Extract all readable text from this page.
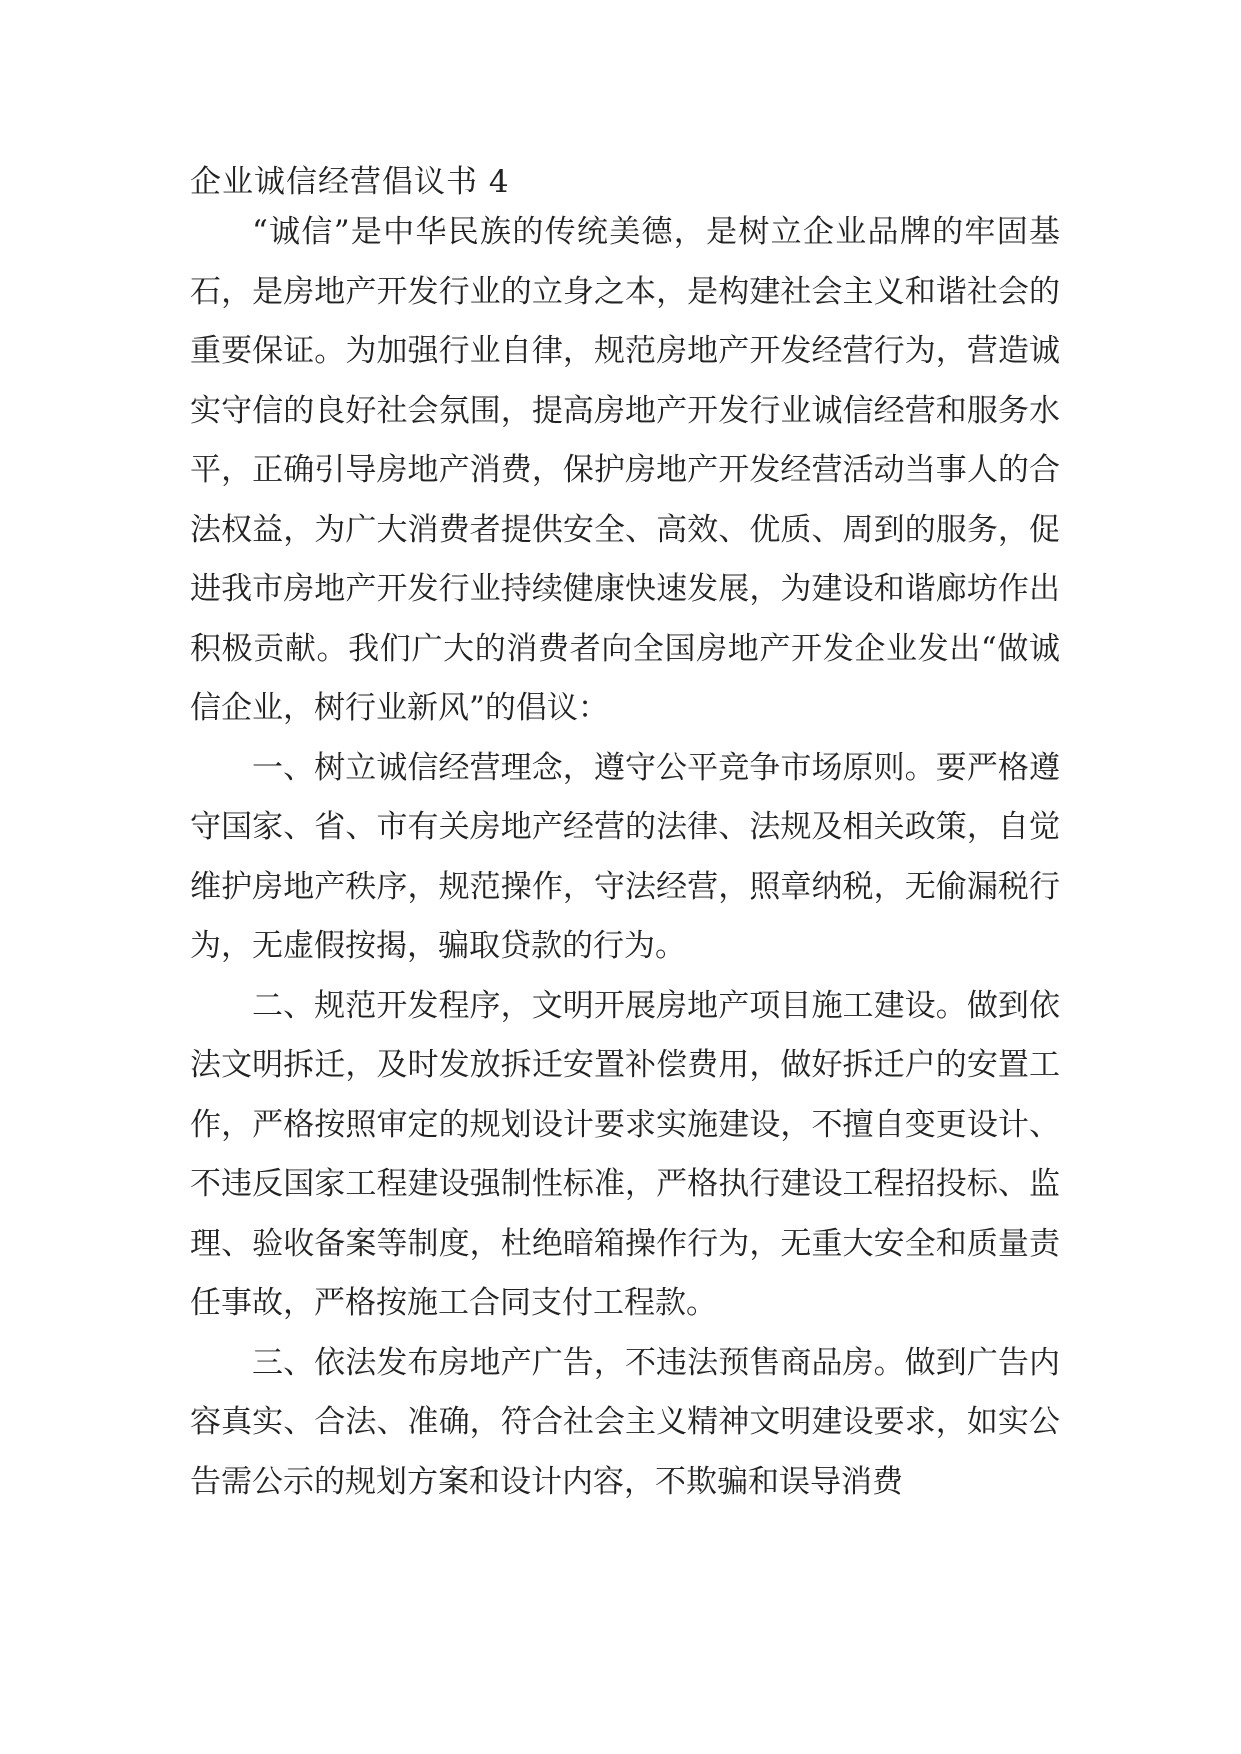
企业诚信经营倡议书 4

“诚信”是中华民族的传统美德，是树立企业品牌的牢固基石，是房地产开发行业的立身之本，是构建社会主义和谐社会的重要保证。为加强行业自律，规范房地产开发经营行为，营造诚实守信的良好社会氛围，提高房地产开发行业诚信经营和服务水平，正确引导房地产消费，保护房地产开发经营活动当事人的合法权益，为广大消费者提供安全、高效、优质、周到的服务，促进我市房地产开发行业持续健康快速发展，为建设和谐廊坊作出积极贡献。我们广大的消费者向全国房地产开发企业发出“做诚信企业，树行业新风”的倡议：

一、树立诚信经营理念，遵守公平竞争市场原则。要严格遵守国家、省、市有关房地产经营的法律、法规及相关政策，自觉维护房地产秩序，规范操作，守法经营，照章纳税，无偷漏税行为，无虚假按揭，骗取贷款的行为。

二、规范开发程序，文明开展房地产项目施工建设。做到依法文明拆迁，及时发放拆迁安置补偿费用，做好拆迁户的安置工作，严格按照审定的规划设计要求实施建设，不擅自变更设计、不违反国家工程建设强制性标准，严格执行建设工程招投标、监理、验收备案等制度，杜绝暗箱操作行为，无重大安全和质量责任事故，严格按施工合同支付工程款。

三、依法发布房地产广告，不违法预售商品房。做到广告内容真实、合法、准确，符合社会主义精神文明建设要求，如实公告需公示的规划方案和设计内容，不欺骗和误导消费
